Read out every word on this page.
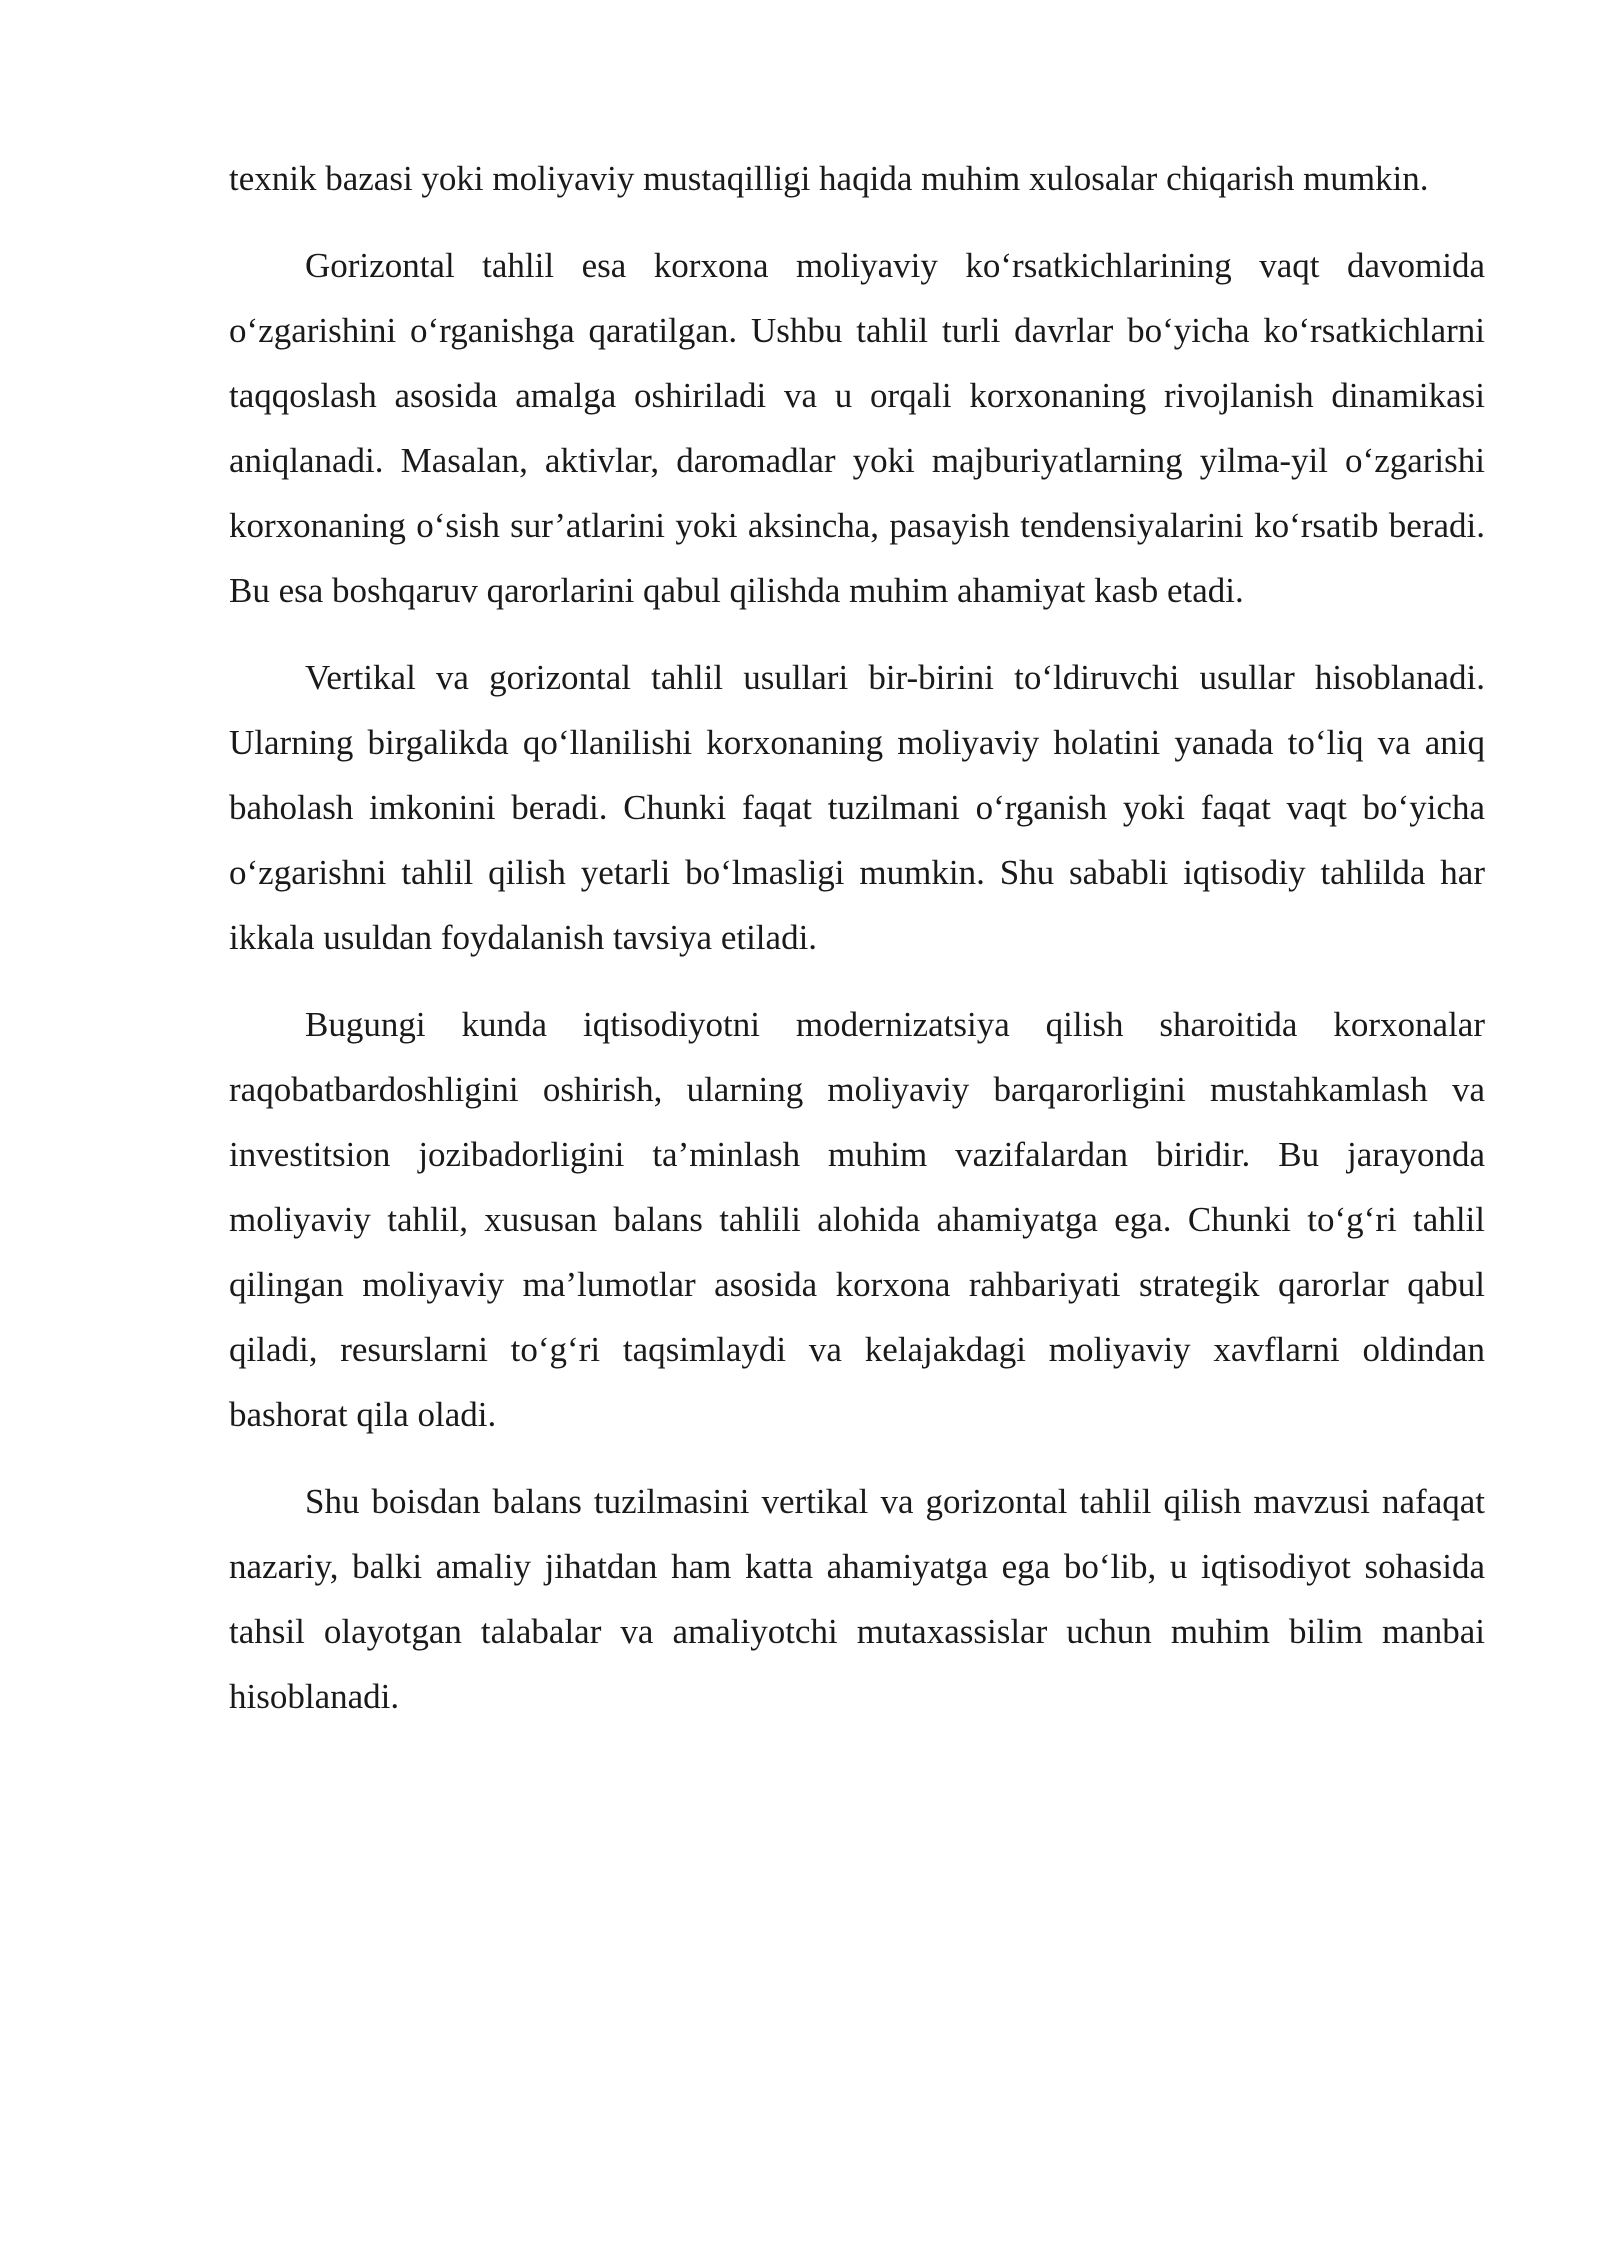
texnik bazasi yoki moliyaviy mustaqilligi haqida muhim xulosalar chiqarish mumkin.

Gorizontal tahlil esa korxona moliyaviy koʻrsatkichlarining vaqt davomida oʻzgarishini oʻrganishga qaratilgan. Ushbu tahlil turli davrlar boʻyicha koʻrsatkichlarni taqqoslash asosida amalga oshiriladi va u orqali korxonaning rivojlanish dinamikasi aniqlanadi. Masalan, aktivlar, daromadlar yoki majburiyatlarning yilma-yil oʻzgarishi korxonaning oʻsish sur’atlarini yoki aksincha, pasayish tendensiyalarini koʻrsatib beradi. Bu esa boshqaruv qarorlarini qabul qilishda muhim ahamiyat kasb etadi.

Vertikal va gorizontal tahlil usullari bir-birini toʻldiruvchi usullar hisoblanadi. Ularning birgalikda qoʻllanilishi korxonaning moliyaviy holatini yanada toʻliq va aniq baholash imkonini beradi. Chunki faqat tuzilmani oʻrganish yoki faqat vaqt boʻyicha oʻzgarishni tahlil qilish yetarli boʻlmasligi mumkin. Shu sababli iqtisodiy tahlilda har ikkala usuldan foydalanish tavsiya etiladi.

Bugungi kunda iqtisodiyotni modernizatsiya qilish sharoitida korxonalar raqobatbardoshligini oshirish, ularning moliyaviy barqarorligini mustahkamlash va investitsion jozibadorligini ta’minlash muhim vazifalardan biridir. Bu jarayonda moliyaviy tahlil, xususan balans tahlili alohida ahamiyatga ega. Chunki toʻgʻri tahlil qilingan moliyaviy ma’lumotlar asosida korxona rahbariyati strategik qarorlar qabul qiladi, resurslarni toʻgʻri taqsimlaydi va kelajakdagi moliyaviy xavflarni oldindan bashorat qila oladi.

Shu boisdan balans tuzilmasini vertikal va gorizontal tahlil qilish mavzusi nafaqat nazariy, balki amaliy jihatdan ham katta ahamiyatga ega boʻlib, u iqtisodiyot sohasida tahsil olayotgan talabalar va amaliyotchi mutaxassislar uchun muhim bilim manbai hisoblanadi.
